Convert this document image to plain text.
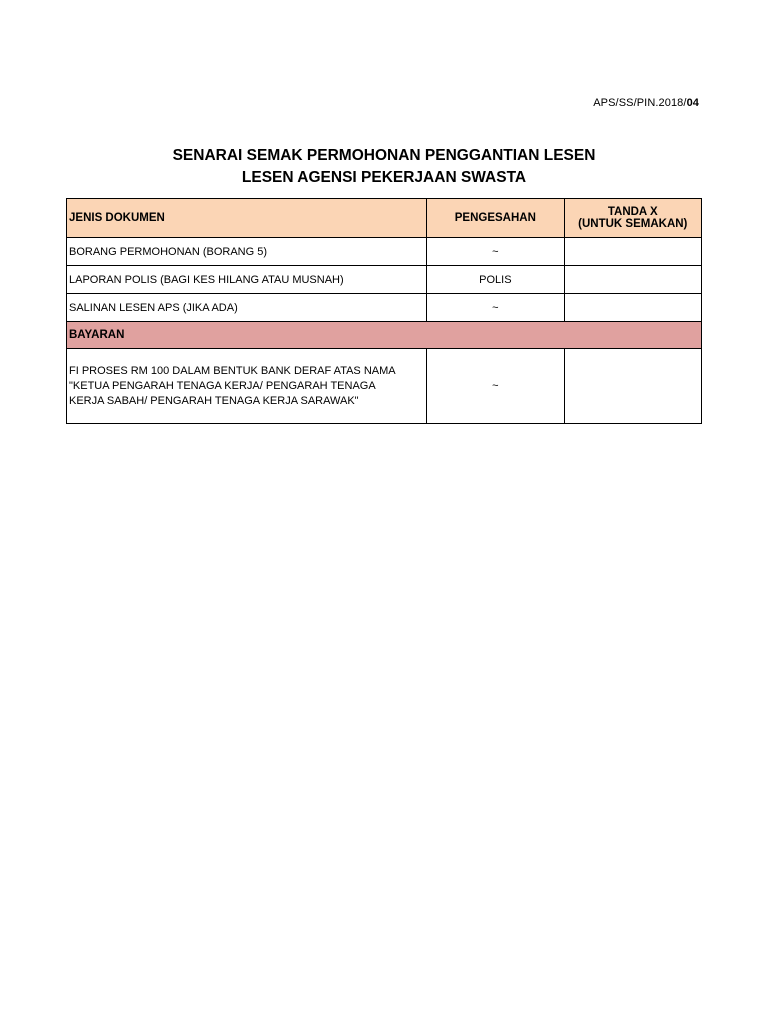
APS/SS/PIN.2018/04
SENARAI SEMAK PERMOHONAN PENGGANTIAN LESEN
LESEN AGENSI PEKERJAAN SWASTA
JENIS DOKUMEN	PENGESAHAN	TANDA X
(UNTUK SEMAKAN)

BORANG PERMOHONAN (BORANG 5)	~	
LAPORAN POLIS (BAGI KES HILANG ATAU MUSNAH)	POLIS	
SALINAN LESEN APS (JIKA ADA)	~	
BAYARAN		

FI PROSES RM 100 DALAM BENTUK BANK DERAF ATAS NAMA
"KETUA PENGARAH TENAGA KERJA/ PENGARAH TENAGA
KERJA SABAH/ PENGARAH TENAGA KERJA SARAWAK"	~	
